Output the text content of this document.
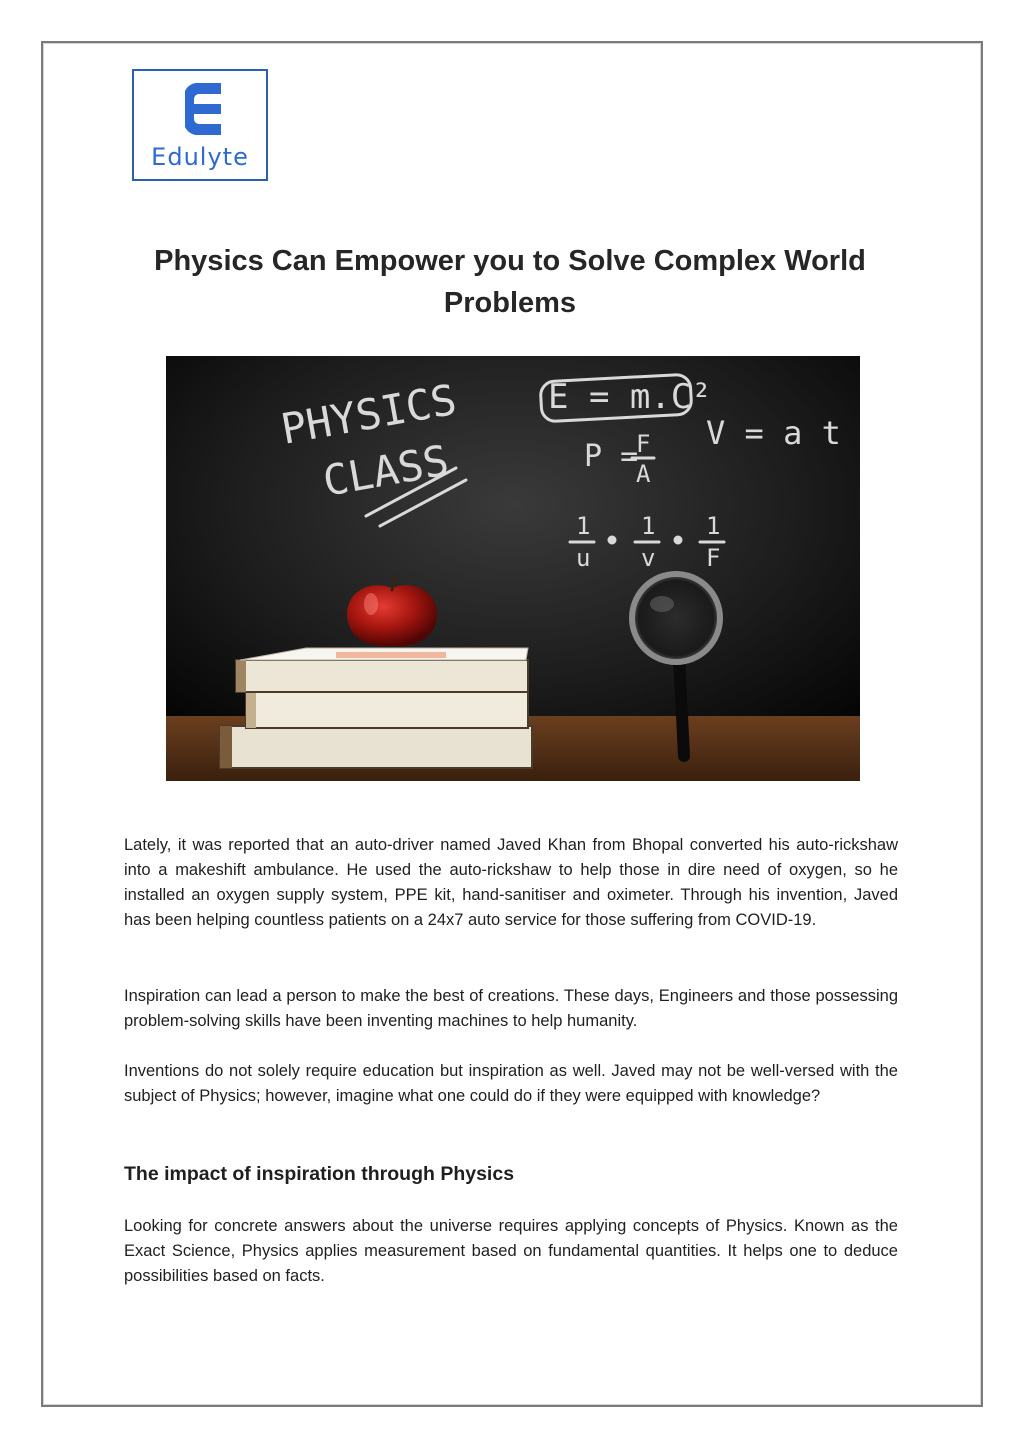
Edulyte
Physics Can Empower you to Solve Complex World Problems
PHYSICS
CLASS
E = m.C²
V = a t
P =
F
A
1
u
1
v
1
F

Lately, it was reported that an auto-driver named Javed Khan from Bhopal converted his auto-rickshaw into a makeshift ambulance. He used the auto-rickshaw to help those in dire need of oxygen, so he installed an oxygen supply system, PPE kit, hand-sanitiser and oximeter. Through his invention, Javed has been helping countless patients on a 24x7 auto service for those suffering from COVID-19.

Inspiration can lead a person to make the best of creations. These days, Engineers and those possessing problem-solving skills have been inventing machines to help humanity.

Inventions do not solely require education but inspiration as well. Javed may not be well-versed with the subject of Physics; however, imagine what one could do if they were equipped with knowledge?

The impact of inspiration through Physics

Looking for concrete answers about the universe requires applying concepts of Physics. Known as the Exact Science, Physics applies measurement based on fundamental quantities. It helps one to deduce possibilities based on facts.
